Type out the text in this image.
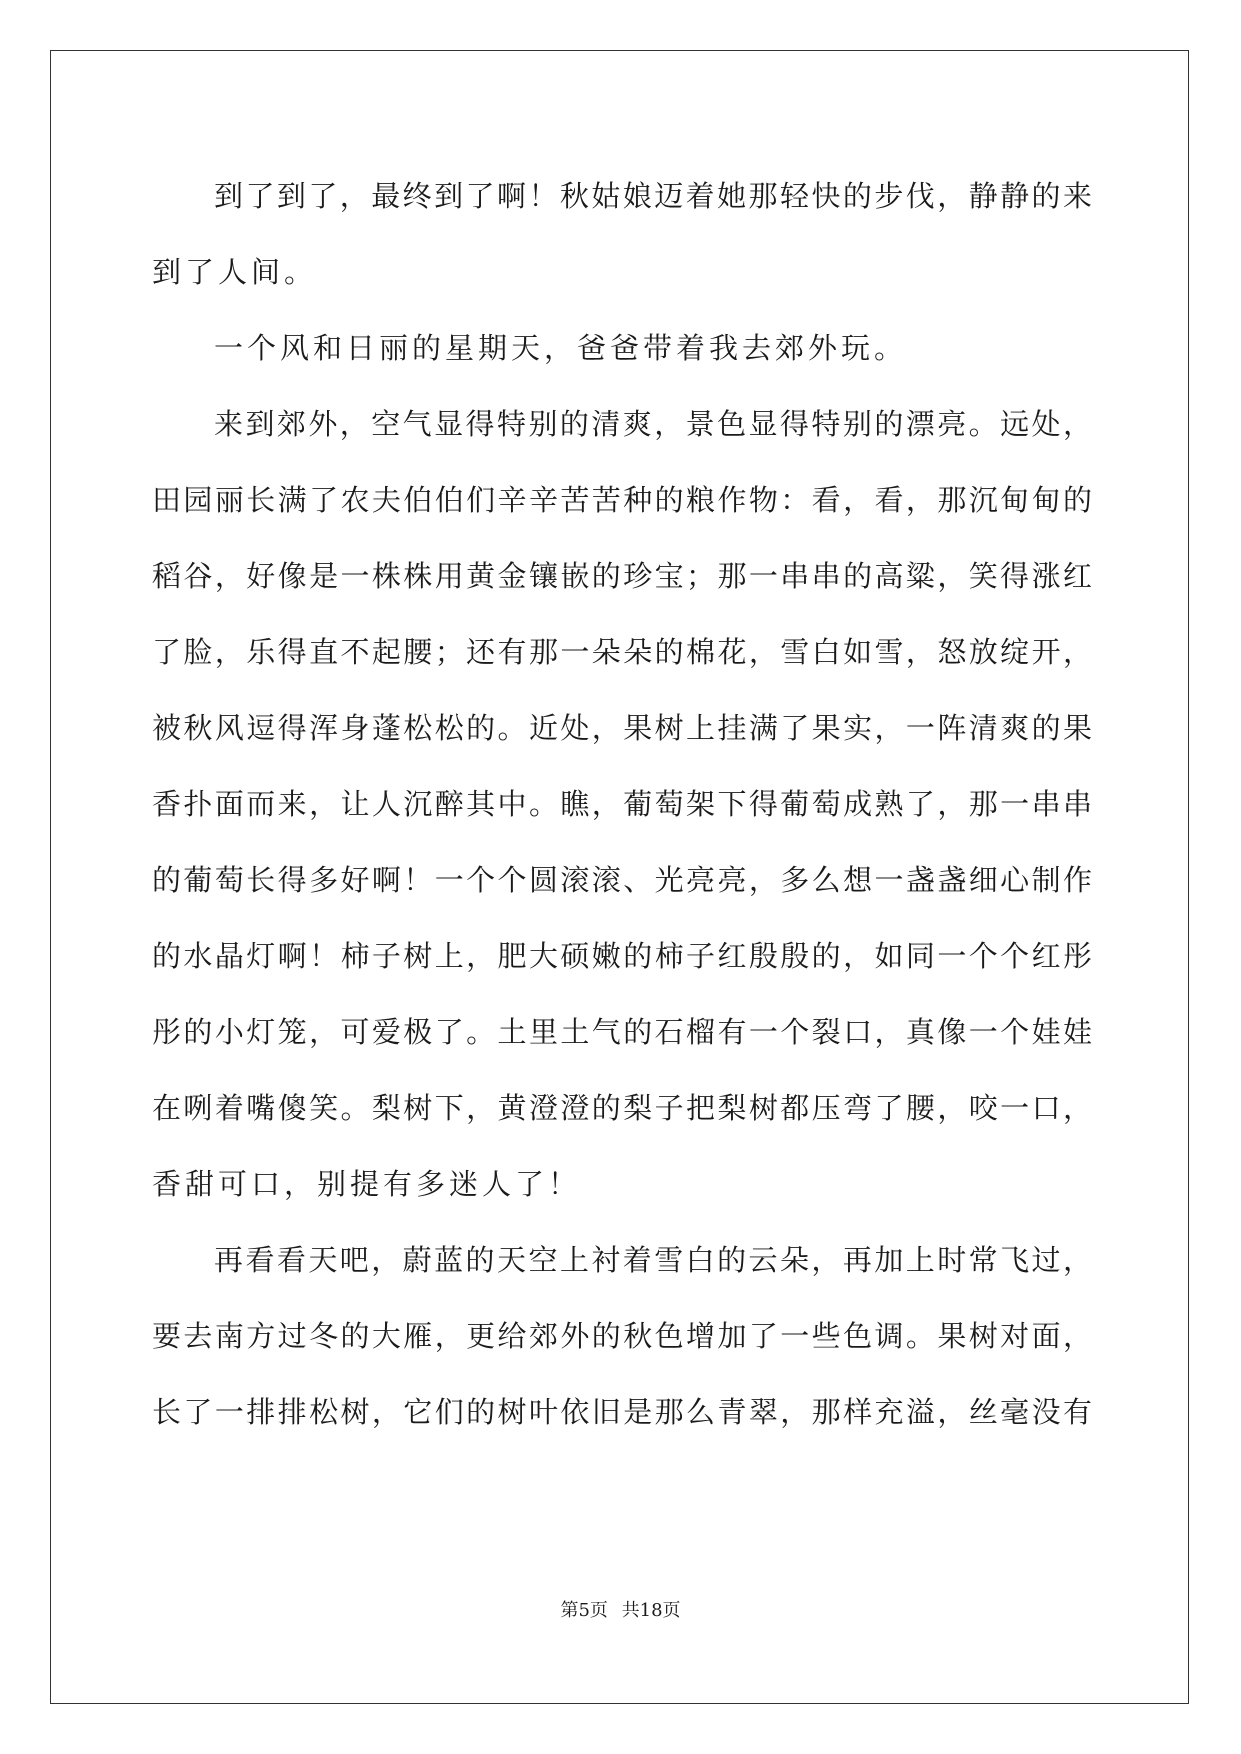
到了到了，最终到了啊！秋姑娘迈着她那轻快的步伐，静静的来
到了人间。
一个风和日丽的星期天，爸爸带着我去郊外玩。
来到郊外，空气显得特别的清爽，景色显得特别的漂亮。远处，
田园丽长满了农夫伯伯们辛辛苦苦种的粮作物：看，看，那沉甸甸的
稻谷，好像是一株株用黄金镶嵌的珍宝；那一串串的高粱，笑得涨红
了脸，乐得直不起腰；还有那一朵朵的棉花，雪白如雪，怒放绽开，
被秋风逗得浑身蓬松松的。近处，果树上挂满了果实，一阵清爽的果
香扑面而来，让人沉醉其中。瞧，葡萄架下得葡萄成熟了，那一串串
的葡萄长得多好啊！一个个圆滚滚、光亮亮，多么想一盏盏细心制作
的水晶灯啊！柿子树上，肥大硕嫩的柿子红殷殷的，如同一个个红彤
彤的小灯笼，可爱极了。土里土气的石榴有一个裂口，真像一个娃娃
在咧着嘴傻笑。梨树下，黄澄澄的梨子把梨树都压弯了腰，咬一口，
香甜可口，别提有多迷人了！
再看看天吧，蔚蓝的天空上衬着雪白的云朵，再加上时常飞过，
要去南方过冬的大雁，更给郊外的秋色增加了一些色调。果树对面，
长了一排排松树，它们的树叶依旧是那么青翠，那样充溢，丝毫没有
第5页 共18页
